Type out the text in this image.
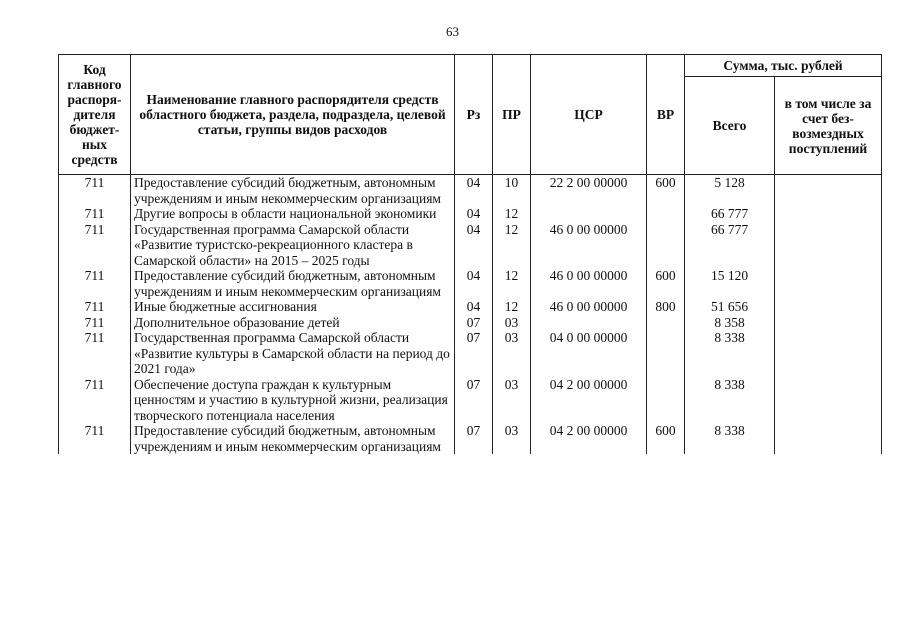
63
Код главного распоря-дителя бюджет-ных средств	Наименование главного распорядителя средств областного бюджета, раздела, подраздела, целевой статьи, группы видов расходов	Рз	ПР	ЦСР	ВР	Сумма, тыс. рублей	
						Всего	в том числе за счет без-возмездных поступлений
711	Предоставление субсидий бюджетным, автономным учреждениям и иным некоммерческим организациям	04	10	22 2 00 00000	600	5 128	
711	Другие вопросы в области национальной экономики	04	12			66 777	
711	Государственная программа Самарской области «Развитие туристско-рекреационного кластера в Самарской области» на 2015 – 2025 годы	04	12	46 0 00 00000		66 777	
711	Предоставление субсидий бюджетным, автономным учреждениям и иным некоммерческим организациям	04	12	46 0 00 00000	600	15 120	
711	Иные бюджетные ассигнования	04	12	46 0 00 00000	800	51 656	
711	Дополнительное образование детей	07	03			8 358	
711	Государственная программа Самарской области «Развитие культуры в Самарской области на период до 2021 года»	07	03	04 0 00 00000		8 338	
711	Обеспечение доступа граждан к культурным ценностям и участию в культурной жизни, реализация творческого потенциала населения	07	03	04 2 00 00000		8 338	
711	Предоставление субсидий бюджетным, автономным учреждениям и иным некоммерческим организациям	07	03	04 2 00 00000	600	8 338	
